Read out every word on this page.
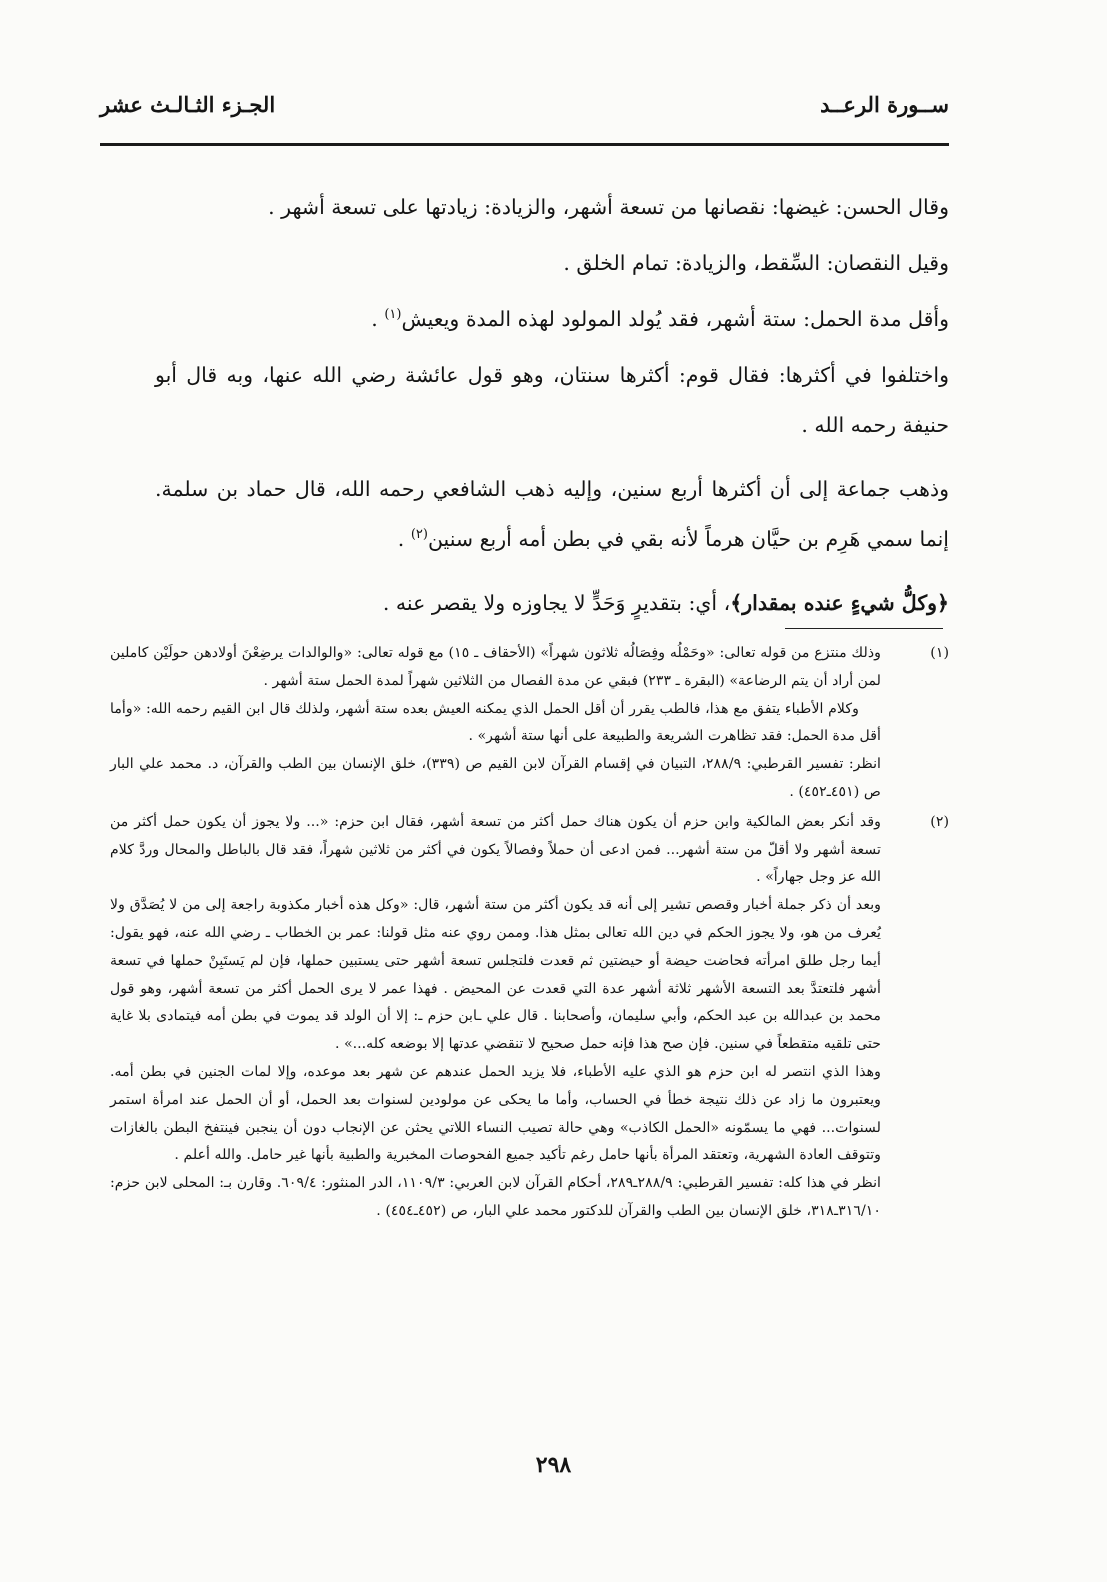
ســورة الرعــد
الجـزء الثـالـث عشر

وقال الحسن: غيضها: نقصانها من تسعة أشهر، والزيادة: زيادتها على تسعة أشهر .

وقيل النقصان: السِّقط، والزيادة: تمام الخلق .

وأقل مدة الحمل: ستة أشهر، فقد يُولد المولود لهذه المدة ويعيش$^{(١)}$ .

واختلفوا في أكثرها: فقال قوم: أكثرها سنتان، وهو قول عائشة رضي الله عنها، وبه قال أبو حنيفة رحمه الله .

وذهب جماعة إلى أن أكثرها أربع سنين، وإليه ذهب الشافعي رحمه الله، قال حماد بن سلمة. إنما سمي هَرِم بن حيَّان هرماً لأنه بقي في بطن أمه أربع سنين$^{(٢)}$ .

﴿وكلُّ شيءٍ عنده بمقدار﴾، أي: بتقديرٍ وَحَدٍّ لا يجاوزه ولا يقصر عنه .

(١)

وذلك منتزع من قوله تعالى: «وحَمْلُه وفِصَالُه ثلاثون شهراً» (الأحقاف ـ ١٥) مع قوله تعالى: «والوالدات يرضِعْنَ أولادهن حولَيْن كاملين لمن أراد أن يتم الرضاعة» (البقرة ـ ٢٣٣) فبقي عن مدة الفصال من الثلاثين شهراً لمدة الحمل ستة أشهر .

وكلام الأطباء يتفق مع هذا، فالطب يقرر أن أقل الحمل الذي يمكنه العيش بعده ستة أشهر، ولذلك قال ابن القيم رحمه الله: «وأما أقل مدة الحمل: فقد تظاهرت الشريعة والطبيعة على أنها ستة أشهر» .

انظر: تفسير القرطبي: ٢٨٨/٩، التبيان في إقسام القرآن لابن القيم ص (٣٣٩)، خلق الإنسان بين الطب والقرآن، د. محمد علي البار ص (٤٥١ـ٤٥٢) .

(٢)

وقد أنكر بعض المالكية وابن حزم أن يكون هناك حمل أكثر من تسعة أشهر، فقال ابن حزم: «... ولا يجوز أن يكون حمل أكثر من تسعة أشهر ولا أقلّ من ستة أشهر... فمن ادعى أن حملاً وفصالاً يكون في أكثر من ثلاثين شهراً، فقد قال بالباطل والمحال وردَّ كلام الله عز وجل جهاراً» .

وبعد أن ذكر جملة أخبار وقصص تشير إلى أنه قد يكون أكثر من ستة أشهر، قال: «وكل هذه أخبار مكذوبة راجعة إلى من لا يُصَدَّق ولا يُعرف من هو، ولا يجوز الحكم في دين الله تعالى بمثل هذا. وممن روي عنه مثل قولنا: عمر بن الخطاب ـ رضي الله عنه، فهو يقول: أيما رجل طلق امرأته فحاضت حيضة أو حيضتين ثم قعدت فلتجلس تسعة أشهر حتى يستبين حملها، فإن لم يَستَبِنْ حملها في تسعة أشهر فلتعتدَّ بعد التسعة الأشهر ثلاثة أشهر عدة التي قعدت عن المحيض . فهذا عمر لا يرى الحمل أكثر من تسعة أشهر، وهو قول محمد بن عبدالله بن عبد الحكم، وأبي سليمان، وأصحابنا . قال علي ـابن حزم ـ: إلا أن الولد قد يموت في بطن أمه فيتمادى بلا غاية حتى تلقيه متقطعاً في سنين. فإن صح هذا فإنه حمل صحيح لا تنقضي عدتها إلا بوضعه كله...» .

وهذا الذي انتصر له ابن حزم هو الذي عليه الأطباء، فلا يزيد الحمل عندهم عن شهر بعد موعده، وإلا لمات الجنين في بطن أمه. ويعتبرون ما زاد عن ذلك نتيجة خطأ في الحساب، وأما ما يحكى عن مولودين لسنوات بعد الحمل، أو أن الحمل عند امرأة استمر لسنوات... فهي ما يسمّونه «الحمل الكاذب» وهي حالة تصيب النساء اللاتي يحثن عن الإنجاب دون أن ينجبن فينتفخ البطن بالغازات وتتوقف العادة الشهرية، وتعتقد المرأة بأنها حامل رغم تأكيد جميع الفحوصات المخبرية والطبية بأنها غير حامل. والله أعلم .

انظر في هذا كله: تفسير القرطبي: ٢٨٨/٩ـ٢٨٩، أحكام القرآن لابن العربي: ١١٠٩/٣، الدر المنثور: ٦٠٩/٤. وقارن بـ: المحلى لابن حزم: ٣١٦/١٠ـ٣١٨، خلق الإنسان بين الطب والقرآن للدكتور محمد علي البار، ص (٤٥٢ـ٤٥٤) .

٢٩٨
